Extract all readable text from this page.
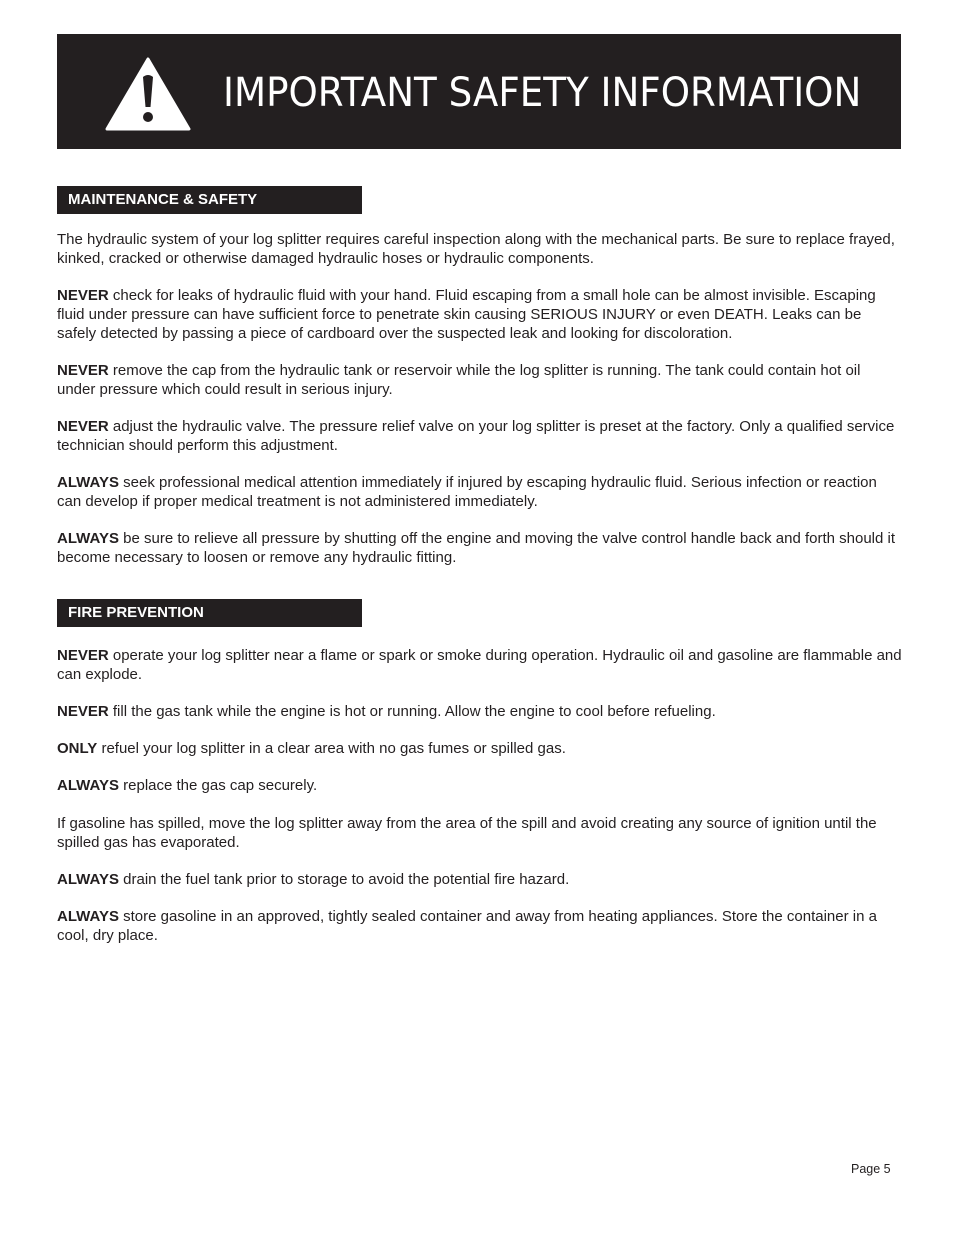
IMPORTANT SAFETY INFORMATION
MAINTENANCE & SAFETY

The hydraulic system of your log splitter requires careful inspection along with the mechanical parts. Be sure to replace frayed, kinked, cracked or otherwise damaged hydraulic hoses or hydraulic components.

NEVER check for leaks of hydraulic fluid with your hand. Fluid escaping from a small hole can be almost invisible. Escaping fluid under pressure can have sufficient force to penetrate skin causing SERIOUS INJURY or even DEATH. Leaks can be safely detected by passing a piece of cardboard over the suspected leak and looking for discoloration.

NEVER remove the cap from the hydraulic tank or reservoir while the log splitter is running. The tank could contain hot oil under pressure which could result in serious injury.

NEVER adjust the hydraulic valve. The pressure relief valve on your log splitter is preset at the factory. Only a qualified service technician should perform this adjustment.

ALWAYS seek professional medical attention immediately if injured by escaping hydraulic fluid. Serious infection or reaction can develop if proper medical treatment is not administered immediately.

ALWAYS be sure to relieve all pressure by shutting off the engine and moving the valve control handle back and forth should it become necessary to loosen or remove any hydraulic fitting.

FIRE PREVENTION

NEVER operate your log splitter near a flame or spark or smoke during operation. Hydraulic oil and gasoline are flammable and can explode.

NEVER fill the gas tank while the engine is hot or running. Allow the engine to cool before refueling.

ONLY refuel your log splitter in a clear area with no gas fumes or spilled gas.

ALWAYS replace the gas cap securely.

If gasoline has spilled, move the log splitter away from the area of the spill and avoid creating any source of ignition until the spilled gas has evaporated.

ALWAYS drain the fuel tank prior to storage to avoid the potential fire hazard.

ALWAYS store gasoline in an approved, tightly sealed container and away from heating appliances. Store the container in a cool, dry place.

Page 5
